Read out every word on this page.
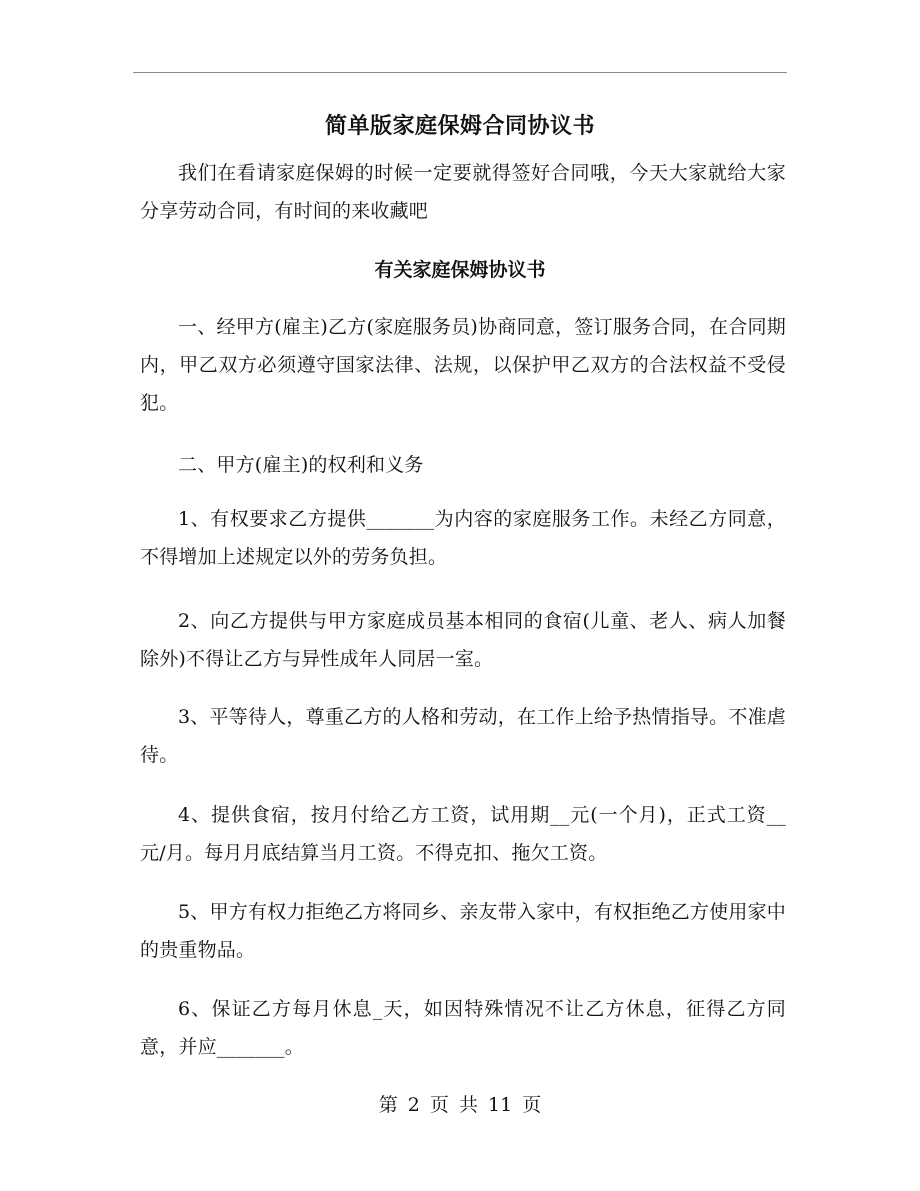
简单版家庭保姆合同协议书

我们在看请家庭保姆的时候一定要就得签好合同哦，今天大家就给大家分享劳动合同，有时间的来收藏吧

有关家庭保姆协议书

一、经甲方(雇主)乙方(家庭服务员)协商同意，签订服务合同，在合同期内，甲乙双方必须遵守国家法律、法规，以保护甲乙双方的合法权益不受侵犯。

二、甲方(雇主)的权利和义务

1、有权要求乙方提供_______为内容的家庭服务工作。未经乙方同意，不得增加上述规定以外的劳务负担。

2、向乙方提供与甲方家庭成员基本相同的食宿(儿童、老人、病人加餐除外)不得让乙方与异性成年人同居一室。

3、平等待人，尊重乙方的人格和劳动，在工作上给予热情指导。不准虐待。

4、提供食宿，按月付给乙方工资，试用期__元(一个月)，正式工资__元/月。每月月底结算当月工资。不得克扣、拖欠工资。

5、甲方有权力拒绝乙方将同乡、亲友带入家中，有权拒绝乙方使用家中的贵重物品。

6、保证乙方每月休息_天，如因特殊情况不让乙方休息，征得乙方同意，并应_______。

第 2 页 共 11 页
